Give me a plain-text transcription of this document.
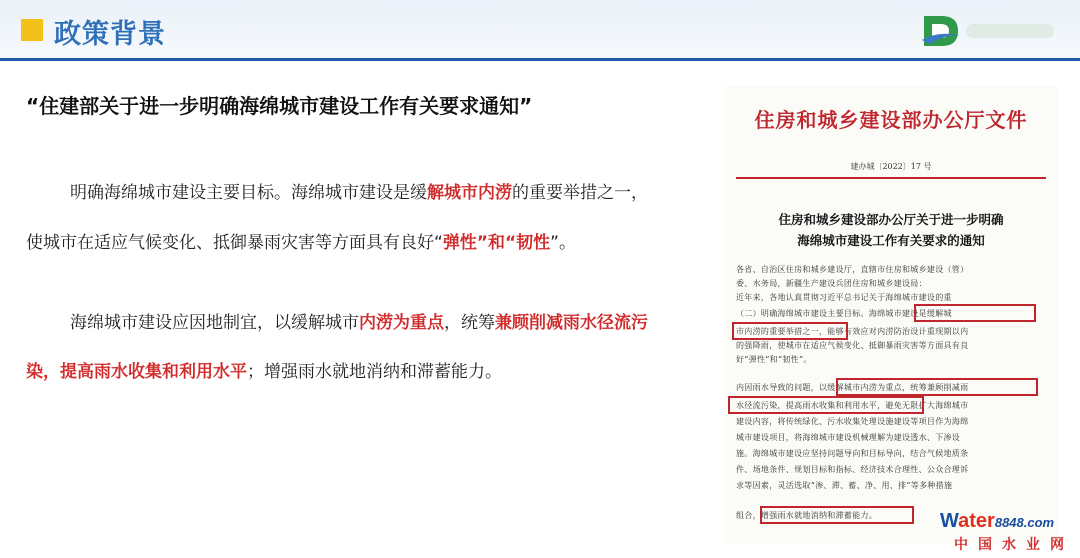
政策背景
“住建部关于进一步明确海绵城市建设工作有关要求通知”
明确海绵城市建设主要目标。海绵城市建设是缓解城市内涝的重要举措之一，
使城市在适应气候变化、抵御暴雨灾害等方面具有良好“弹性”和“韧性”。
海绵城市建设应因地制宜，以缓解城市内涝为重点，统筹兼顾削减雨水径流污
染，提高雨水收集和利用水平；增强雨水就地消纳和滞蓄能力。
住房和城乡建设部办公厅文件
建办城〔2022〕17 号
住房和城乡建设部办公厅关于进一步明确
海绵城市建设工作有关要求的通知
各省、自治区住房和城乡建设厅，直辖市住房和城乡建设（管）
委、水务局，新疆生产建设兵团住房和城乡建设局：
近年来，各地认真贯彻习近平总书记关于海绵城市建设的重
（二）明确海绵城市建设主要目标。海绵城市建设是缓解城
市内涝的重要举措之一，能够有效应对内涝防治设计重现期以内
的强降雨，使城市在适应气候变化、抵御暴雨灾害等方面具有良
好“弹性”和“韧性”。
内因雨水导致的问题，以缓解城市内涝为重点，统筹兼顾削减雨
水径流污染，提高雨水收集和利用水平，避免无限扩大海绵城市
建设内容，将传统绿化、污水收集处理设施建设等项目作为海绵
城市建设项目，将海绵城市建设机械理解为建设透水、下渗设
施。海绵城市建设应坚持问题导向和目标导向，结合气候地质条
件、场地条件、规划目标和指标、经济技术合理性、公众合理诉
求等因素，灵活选取“渗、滞、蓄、净、用、排”等多种措施
组合，增强雨水就地消纳和滞蓄能力。	Water8848.com
中国水业网
